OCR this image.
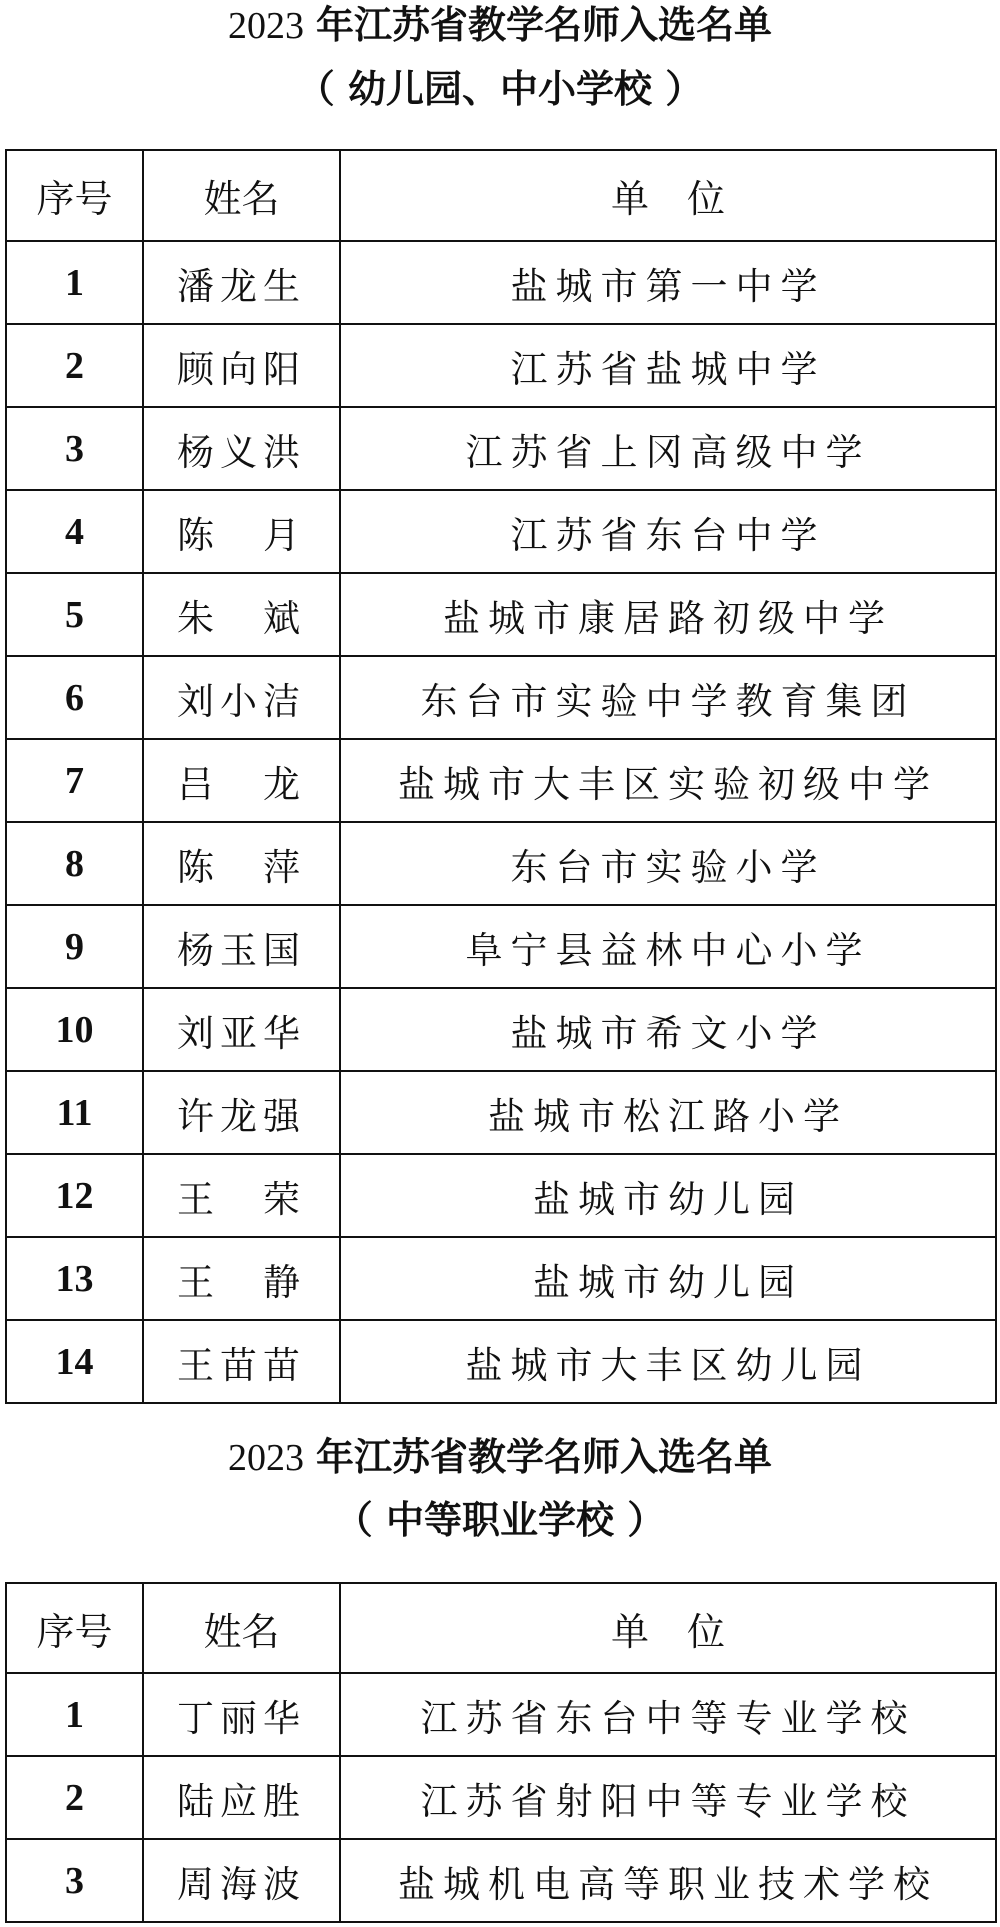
2023 年江苏省教学名师入选名单
（ 幼儿园、中小学校 ）
序号	姓名	单　位
1	潘龙生	盐城市第一中学
2	顾向阳	江苏省盐城中学
3	杨义洪	江苏省上冈高级中学
4	陈　月	江苏省东台中学
5	朱　斌	盐城市康居路初级中学
6	刘小洁	东台市实验中学教育集团
7	吕　龙	盐城市大丰区实验初级中学
8	陈　萍	东台市实验小学
9	杨玉国	阜宁县益林中心小学
10	刘亚华	盐城市希文小学
11	许龙强	盐城市松江路小学
12	王　荣	盐城市幼儿园
13	王　静	盐城市幼儿园
14	王苗苗	盐城市大丰区幼儿园
2023 年江苏省教学名师入选名单
（ 中等职业学校 ）
序号	姓名	单　位
1	丁丽华	江苏省东台中等专业学校
2	陆应胜	江苏省射阳中等专业学校
3	周海波	盐城机电高等职业技术学校
